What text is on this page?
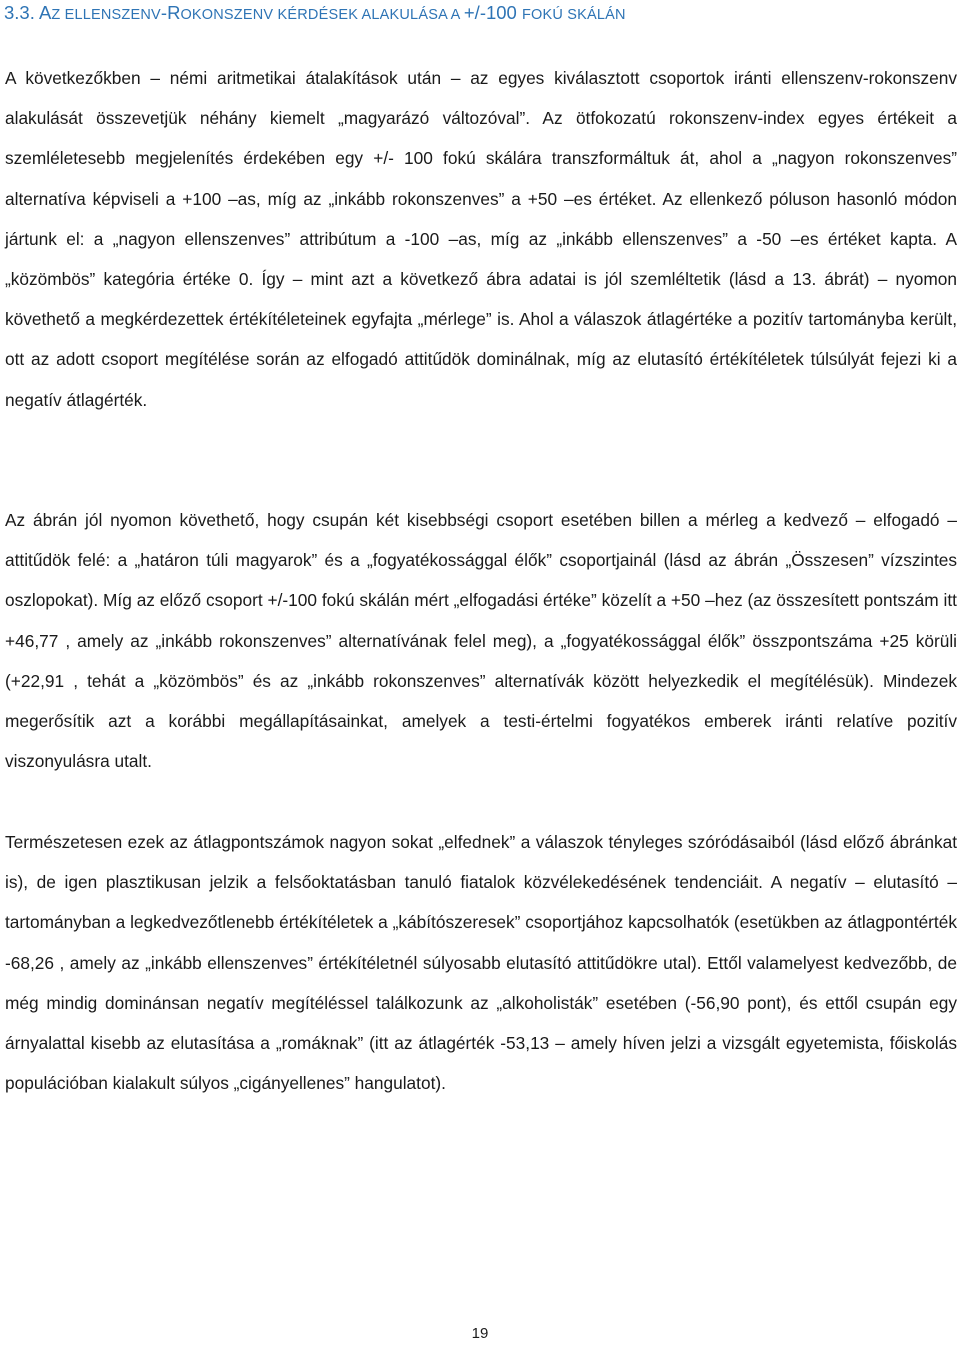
3.3. AZ ELLENSZENV-ROKONSZENV KÉRDÉSEK ALAKULÁSA A +/-100 FOKÚ SKÁLÁN

A következőkben – némi aritmetikai átalakítások után – az egyes kiválasztott csoportok iránti ellenszenv-rokonszenv alakulását összevetjük néhány kiemelt „magyarázó változóval”. Az ötfokozatú rokonszenv-index egyes értékeit a szemléletesebb megjelenítés érdekében egy +/- 100 fokú skálára transzformáltuk át, ahol a „nagyon rokonszenves” alternatíva képviseli a +100 –as, míg az „inkább rokonszenves” a +50 –es értéket. Az ellenkező póluson hasonló módon jártunk el: a „nagyon ellenszenves” attribútum a -100 –as, míg az „inkább ellenszenves” a -50 –es értéket kapta. A „közömbös” kategória értéke 0. Így – mint azt a következő ábra adatai is jól szemléltetik (lásd a 13. ábrát) – nyomon követhető a megkérdezettek értékítéleteinek egyfajta „mérlege” is. Ahol a válaszok átlagértéke a pozitív tartományba került, ott az adott csoport megítélése során az elfogadó attitűdök dominálnak, míg az elutasító értékítéletek túlsúlyát fejezi ki a negatív átlagérték.

Az ábrán jól nyomon követhető, hogy csupán két kisebbségi csoport esetében billen a mérleg a kedvező – elfogadó – attitűdök felé: a „határon túli magyarok” és a „fogyatékossággal élők” csoportjainál (lásd az ábrán „Összesen” vízszintes oszlopokat). Míg az előző csoport +/-100 fokú skálán mért „elfogadási értéke” közelít a +50 –hez (az összesített pontszám itt +46,77 , amely az „inkább rokonszenves” alternatívának felel meg), a „fogyatékossággal élők” összpontszáma +25 körüli (+22,91 , tehát a „közömbös” és az „inkább rokonszenves” alternatívák között helyezkedik el megítélésük). Mindezek megerősítik azt a korábbi megállapításainkat, amelyek a testi-értelmi fogyatékos emberek iránti relatíve pozitív viszonyulásra utalt.

Természetesen ezek az átlagpontszámok nagyon sokat „elfednek” a válaszok tényleges szóródásaiból (lásd előző ábránkat is), de igen plasztikusan jelzik a felsőoktatásban tanuló fiatalok közvélekedésének tendenciáit. A negatív – elutasító – tartományban a legkedvezőtlenebb értékítéletek a „kábítószeresek” csoportjához kapcsolhatók (esetükben az átlagpontérték -68,26 , amely az „inkább ellenszenves” értékítéletnél súlyosabb elutasító attitűdökre utal). Ettől valamelyest kedvezőbb, de még mindig dominánsan negatív megítéléssel találkozunk az „alkoholisták” esetében (-56,90 pont), és ettől csupán egy árnyalattal kisebb az elutasítása a „romáknak” (itt az átlagérték -53,13 – amely híven jelzi a vizsgált egyetemista, főiskolás populációban kialakult súlyos „cigányellenes” hangulatot).

19
